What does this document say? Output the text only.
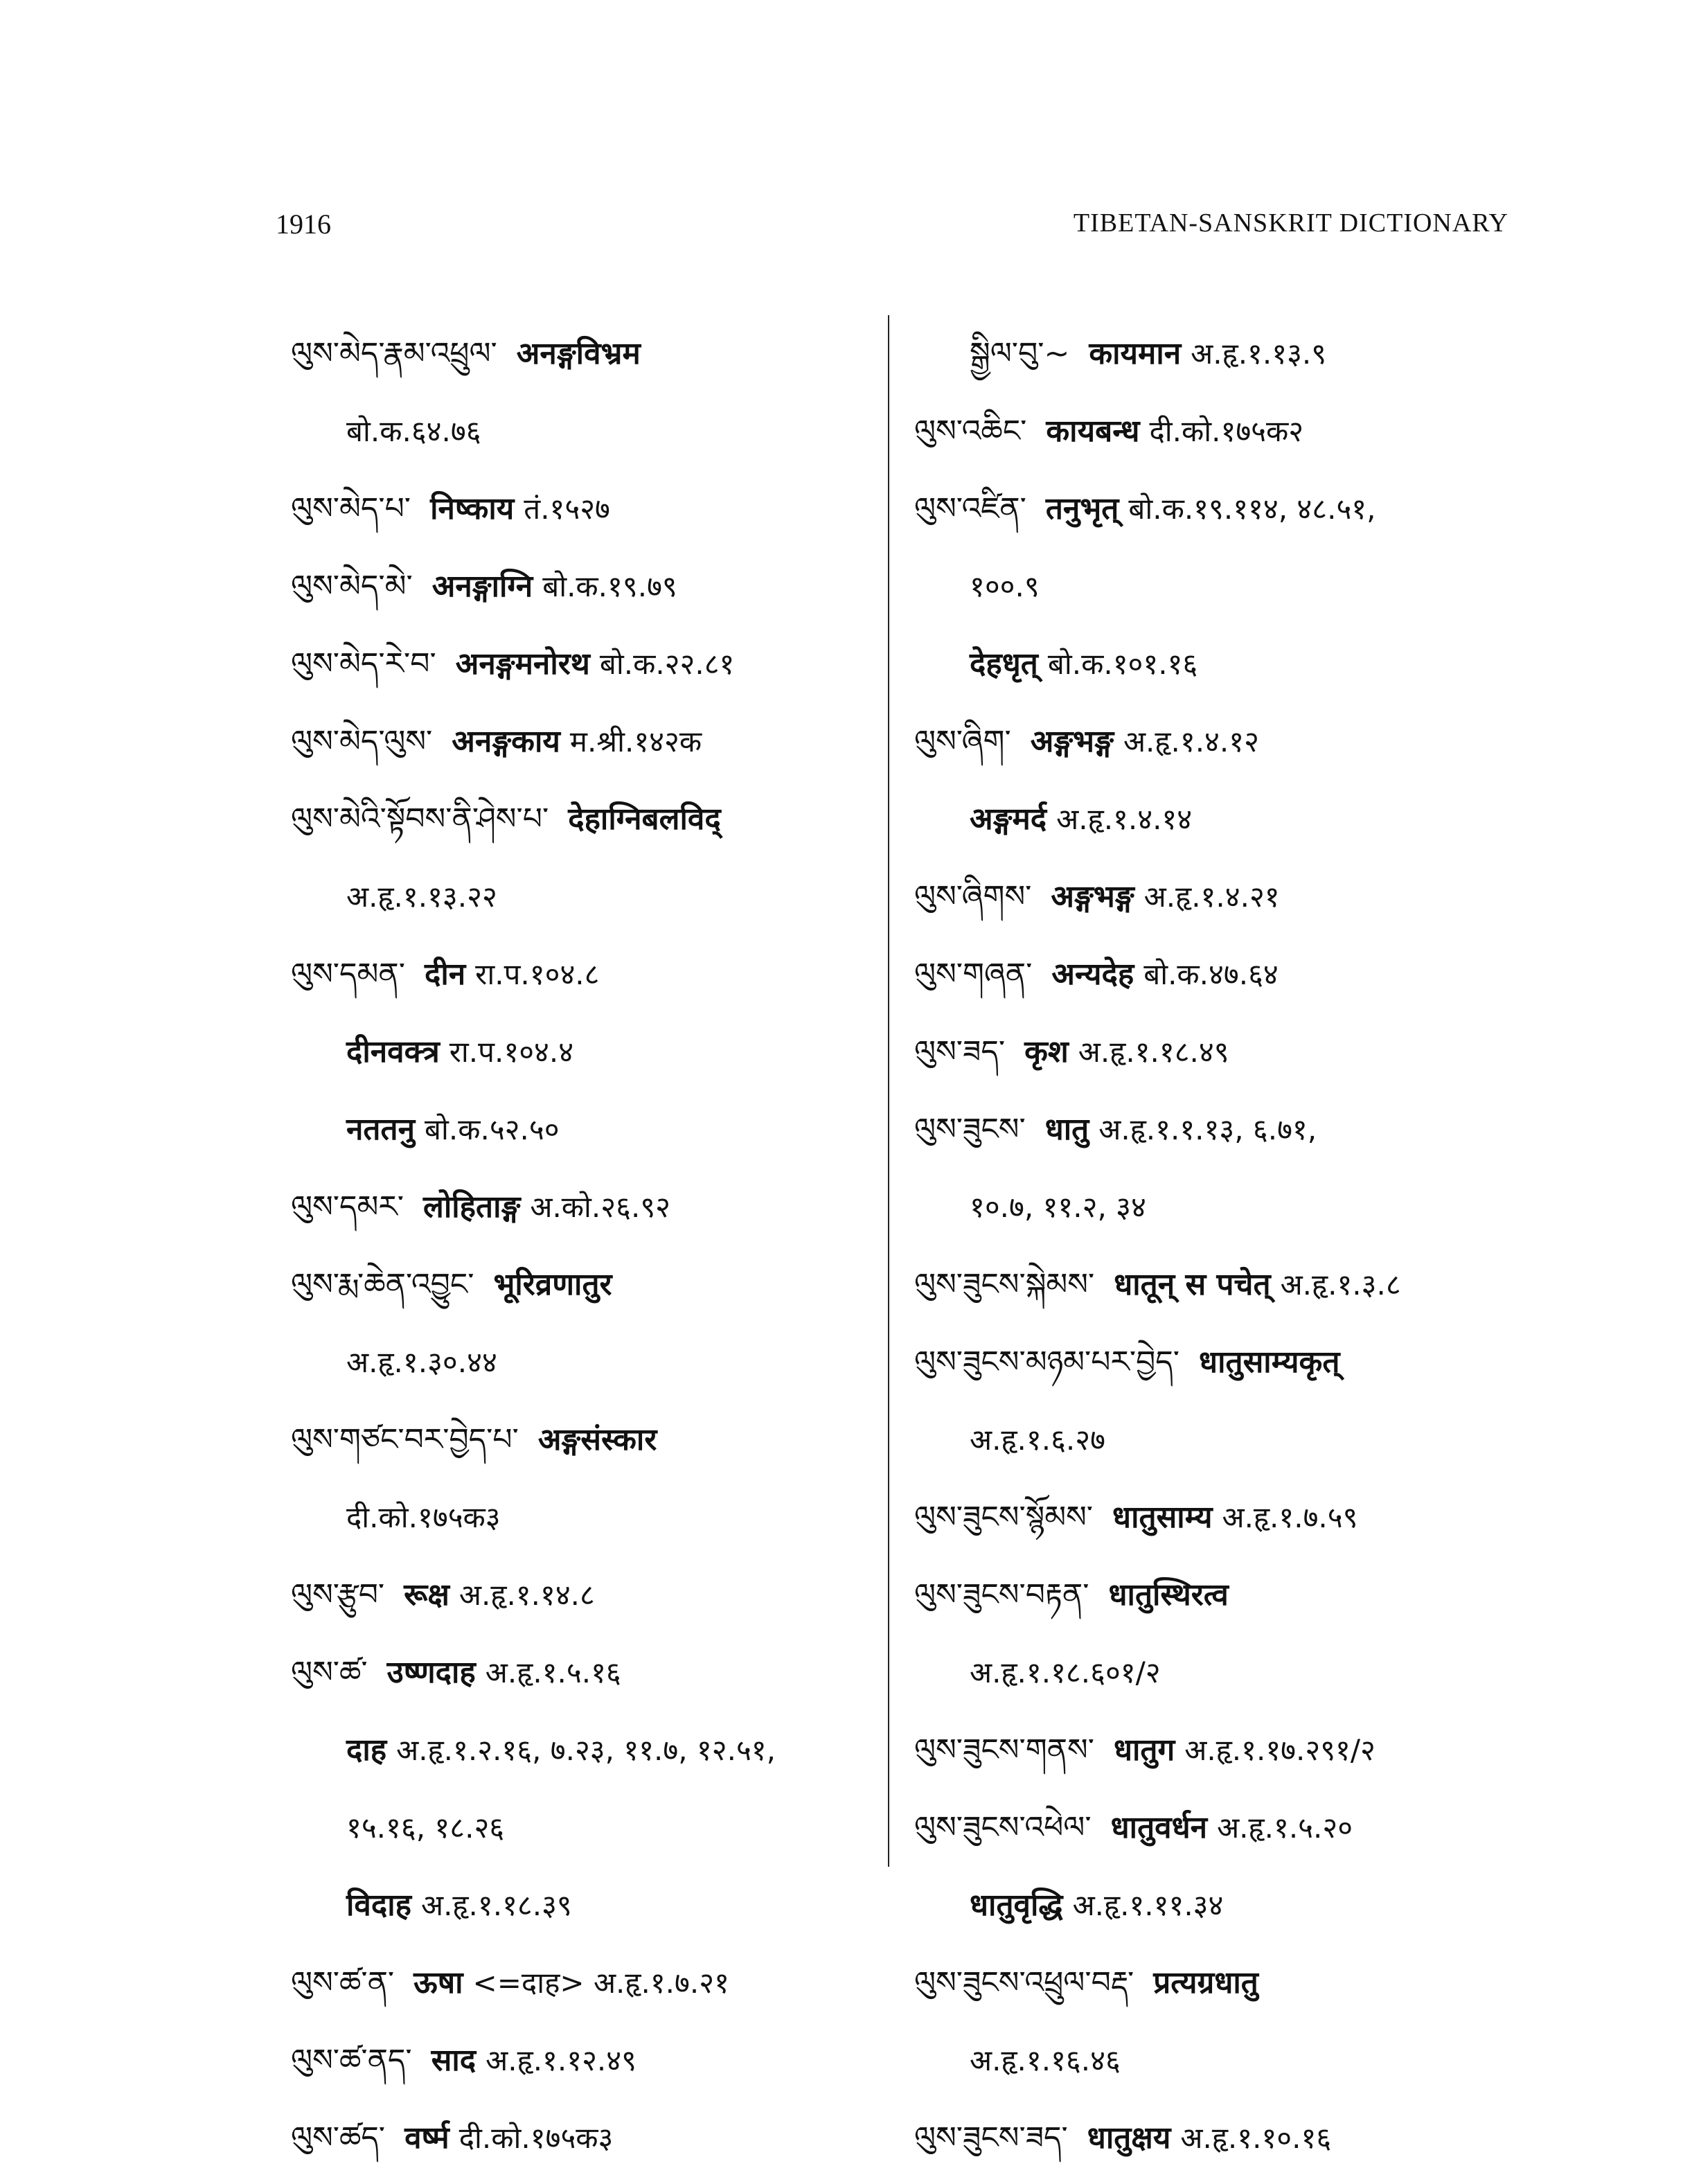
1916	TIBETAN-SANSKRIT DICTIONARY
ལུས་མེད་རྣམ་འཕྲུལ་ अनङ्गविभ्रम
बो.क.६४.७६
ལུས་མེད་པ་ निष्काय तं.१५२७
ལུས་མེད་མེ་ अनङ्गाग्नि बो.क.१९.७९
ལུས་མེད་རེ་བ་ अनङ्गमनोरथ बो.क.२२.८१
ལུས་མེད་ལུས་ अनङ्गकाय म.श्री.१४२क
ལུས་མེའི་སྟོབས་ནི་ཤེས་པ་ देहाग्निबलविद्
अ.हृ.१.१३.२२
ལུས་དམན་ दीन रा.प.१०४.८
दीनवक्त्र रा.प.१०४.४
नततनु बो.क.५२.५०
ལུས་དམར་ लोहिताङ्ग अ.को.२६.९२
ལུས་རྨ་ཆེན་འབྱུང་ भूरिव्रणातुर
अ.हृ.१.३०.४४
ལུས་གཙང་བར་བྱེད་པ་ अङ्गसंस्कार
दी.को.१७५क३
ལུས་རྩུབ་ रूक्ष अ.हृ.१.१४.८
ལུས་ཚ་ उष्णदाह अ.हृ.१.५.१६
दाह अ.हृ.१.२.१६, ७.२३, ११.७, १२.५१,
१५.१६, १८.२६
विदाह अ.हृ.१.१८.३९
ལུས་ཚ་ན་ ऊषा <=दाह> अ.हृ.१.७.२१
ལུས་ཚ་ནད་ साद अ.हृ.१.१२.४९
ལུས་ཚད་ वर्ष्म दी.को.१७५क३
སྒྱིལ་བུ་~ कायमान अ.हृ.१.१३.९
ལུས་འཆིང་ कायबन्ध दी.को.१७५क२
ལུས་འཛིན་ तनुभृत् बो.क.१९.११४, ४८.५१,
१००.९
देहधृत् बो.क.१०१.१६
ལུས་ཞིག་ अङ्गभङ्ग अ.हृ.१.४.१२
अङ्गमर्द अ.हृ.१.४.१४
ལུས་ཞིགས་ अङ्गभङ्ग अ.हृ.१.४.२१
ལུས་གཞན་ अन्यदेह बो.क.४७.६४
ལུས་ཟད་ कृश अ.हृ.१.१८.४९
ལུས་ཟུངས་ धातु अ.हृ.१.१.१३, ६.७१,
१०.७, ११.२, ३४
ལུས་ཟུངས་སྐེམས་ धातून् स पचेत् अ.हृ.१.३.८
ལུས་ཟུངས་མཉམ་པར་བྱེད་ धातुसाम्यकृत्
अ.हृ.१.६.२७
ལུས་ཟུངས་སྙོམས་ धातुसाम्य अ.हृ.१.७.५९
ལུས་ཟུངས་བརྟན་ धातुस्थिरत्व
अ.हृ.१.१८.६०१/२
ལུས་ཟུངས་གནས་ धातुग अ.हृ.१.१७.२९१/२
ལུས་ཟུངས་འཕེལ་ धातुवर्धन अ.हृ.१.५.२०
धातुवृद्धि अ.हृ.१.११.३४
ལུས་ཟུངས་འཕྲུལ་བརྡ་ प्रत्यग्रधातु
अ.हृ.१.१६.४६
ལུས་ཟུངས་ཟད་ धातुक्षय अ.हृ.१.१०.१६
